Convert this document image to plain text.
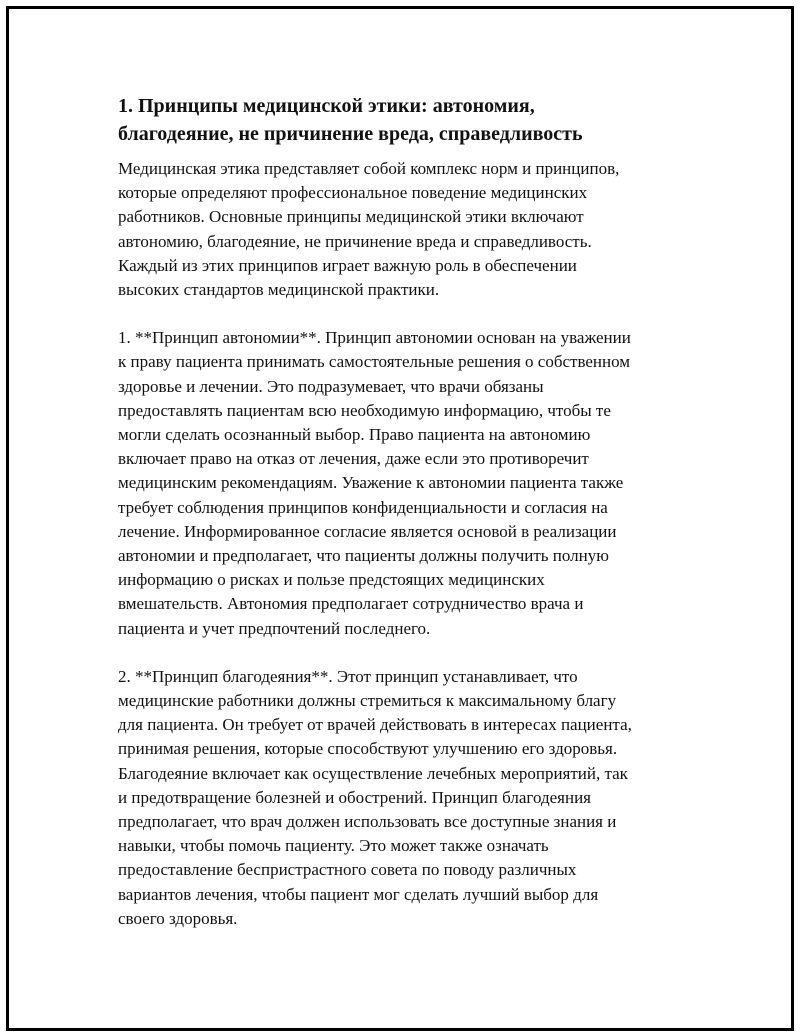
1. Принципы медицинской этики: автономия,
благодеяние, не причинение вреда, справедливость

Медицинская этика представляет собой комплекс норм и принципов,
которые определяют профессиональное поведение медицинских
работников. Основные принципы медицинской этики включают
автономию, благодеяние, не причинение вреда и справедливость.
Каждый из этих принципов играет важную роль в обеспечении
высоких стандартов медицинской практики.

1. **Принцип автономии**. Принцип автономии основан на уважении
к праву пациента принимать самостоятельные решения о собственном
здоровье и лечении. Это подразумевает, что врачи обязаны
предоставлять пациентам всю необходимую информацию, чтобы те
могли сделать осознанный выбор. Право пациента на автономию
включает право на отказ от лечения, даже если это противоречит
медицинским рекомендациям. Уважение к автономии пациента также
требует соблюдения принципов конфиденциальности и согласия на
лечение. Информированное согласие является основой в реализации
автономии и предполагает, что пациенты должны получить полную
информацию о рисках и пользе предстоящих медицинских
вмешательств. Автономия предполагает сотрудничество врача и
пациента и учет предпочтений последнего.

2. **Принцип благодеяния**. Этот принцип устанавливает, что
медицинские работники должны стремиться к максимальному благу
для пациента. Он требует от врачей действовать в интересах пациента,
принимая решения, которые способствуют улучшению его здоровья.
Благодеяние включает как осуществление лечебных мероприятий, так
и предотвращение болезней и обострений. Принцип благодеяния
предполагает, что врач должен использовать все доступные знания и
навыки, чтобы помочь пациенту. Это может также означать
предоставление беспристрастного совета по поводу различных
вариантов лечения, чтобы пациент мог сделать лучший выбор для
своего здоровья.
